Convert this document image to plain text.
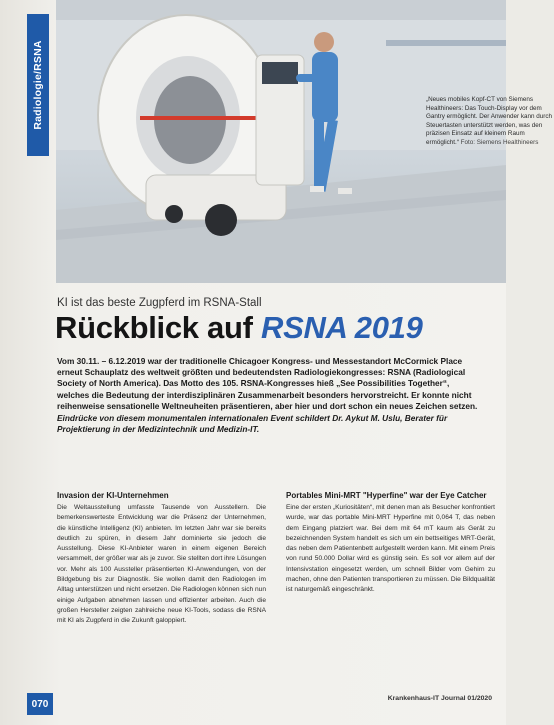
Radiologie/RSNA	„Neues mobiles Kopf-CT von Siemens Healthineers: Das Touch-Display vor dem Gantry ermöglicht. Der Anwender kann durch Steuertasten unterstützt werden, was den präzisen Einsatz auf kleinem Raum ermöglicht.“ Foto: Siemens Healthineers
KI ist das beste Zugpferd im RSNA-Stall
Rückblick auf RSNA 2019

Vom 30.11. – 6.12.2019 war der traditionelle Chicagoer Kongress- und Messestandort McCormick Place erneut Schauplatz des weltweit größten und bedeutendsten Radiologiekongresses: RSNA (Radiological Society of North America). Das Motto des 105. RSNA-Kongresses hieß „See Possibilities Together“, welches die Bedeutung der interdisziplinären Zusammenarbeit besonders hervorstreicht. Er konnte nicht reihenweise sensationelle Weltneuheiten präsentieren, aber hier und dort schon ein neues Zeichen setzen.

Eindrücke von diesem monumentalen internationalen Event schildert Dr. Aykut M. Uslu, Berater für Projektierung in der Medizintechnik und Medizin-IT.

Invasion der KI-Unternehmen

Die Weltausstellung umfasste Tausende von Ausstellern. Die bemerkenswerteste Entwicklung war die Präsenz der Unternehmen, die künstliche Intelligenz (KI) anbieten. Im letzten Jahr war sie bereits deutlich zu spüren, in diesem Jahr dominierte sie jedoch die Ausstellung. Diese KI-Anbieter waren in einem eigenen Bereich versammelt, der größer war als je zuvor. Sie stellten dort ihre Lösungen vor. Mehr als 100 Aussteller präsentierten KI-Anwendungen, von der Bildgebung bis zur Diagnostik. Sie wollen damit den Radiologen im Alltag unterstützen und nicht ersetzen. Die Radiologen können sich nun einige Aufgaben abnehmen lassen und effizienter arbeiten. Auch die großen Hersteller zeigten zahlreiche neue KI-Tools, sodass die RSNA mit KI als Zugpferd in die Zukunft galoppiert.

Portables Mini-MRT "Hyperfine" war der Eye Catcher

Eine der ersten „Kuriositäten“, mit denen man als Besucher konfrontiert wurde, war das portable Mini-MRT Hyperfine mit 0,064 T, das neben dem Eingang platziert war. Bei dem mit 64 mT kaum als Gerät zu bezeichnenden System handelt es sich um ein bettseitiges MRT-Gerät, das neben dem Patientenbett aufgestellt werden kann. Mit einem Preis von rund 50.000 Dollar wird es günstig sein. Es soll vor allem auf der Intensivstation eingesetzt werden, um schnell Bilder vom Gehirn zu machen, ohne den Patienten transportieren zu müssen. Die Bildqualität ist naturgemäß eingeschränkt.

070	Krankenhaus-IT Journal 01/2020
